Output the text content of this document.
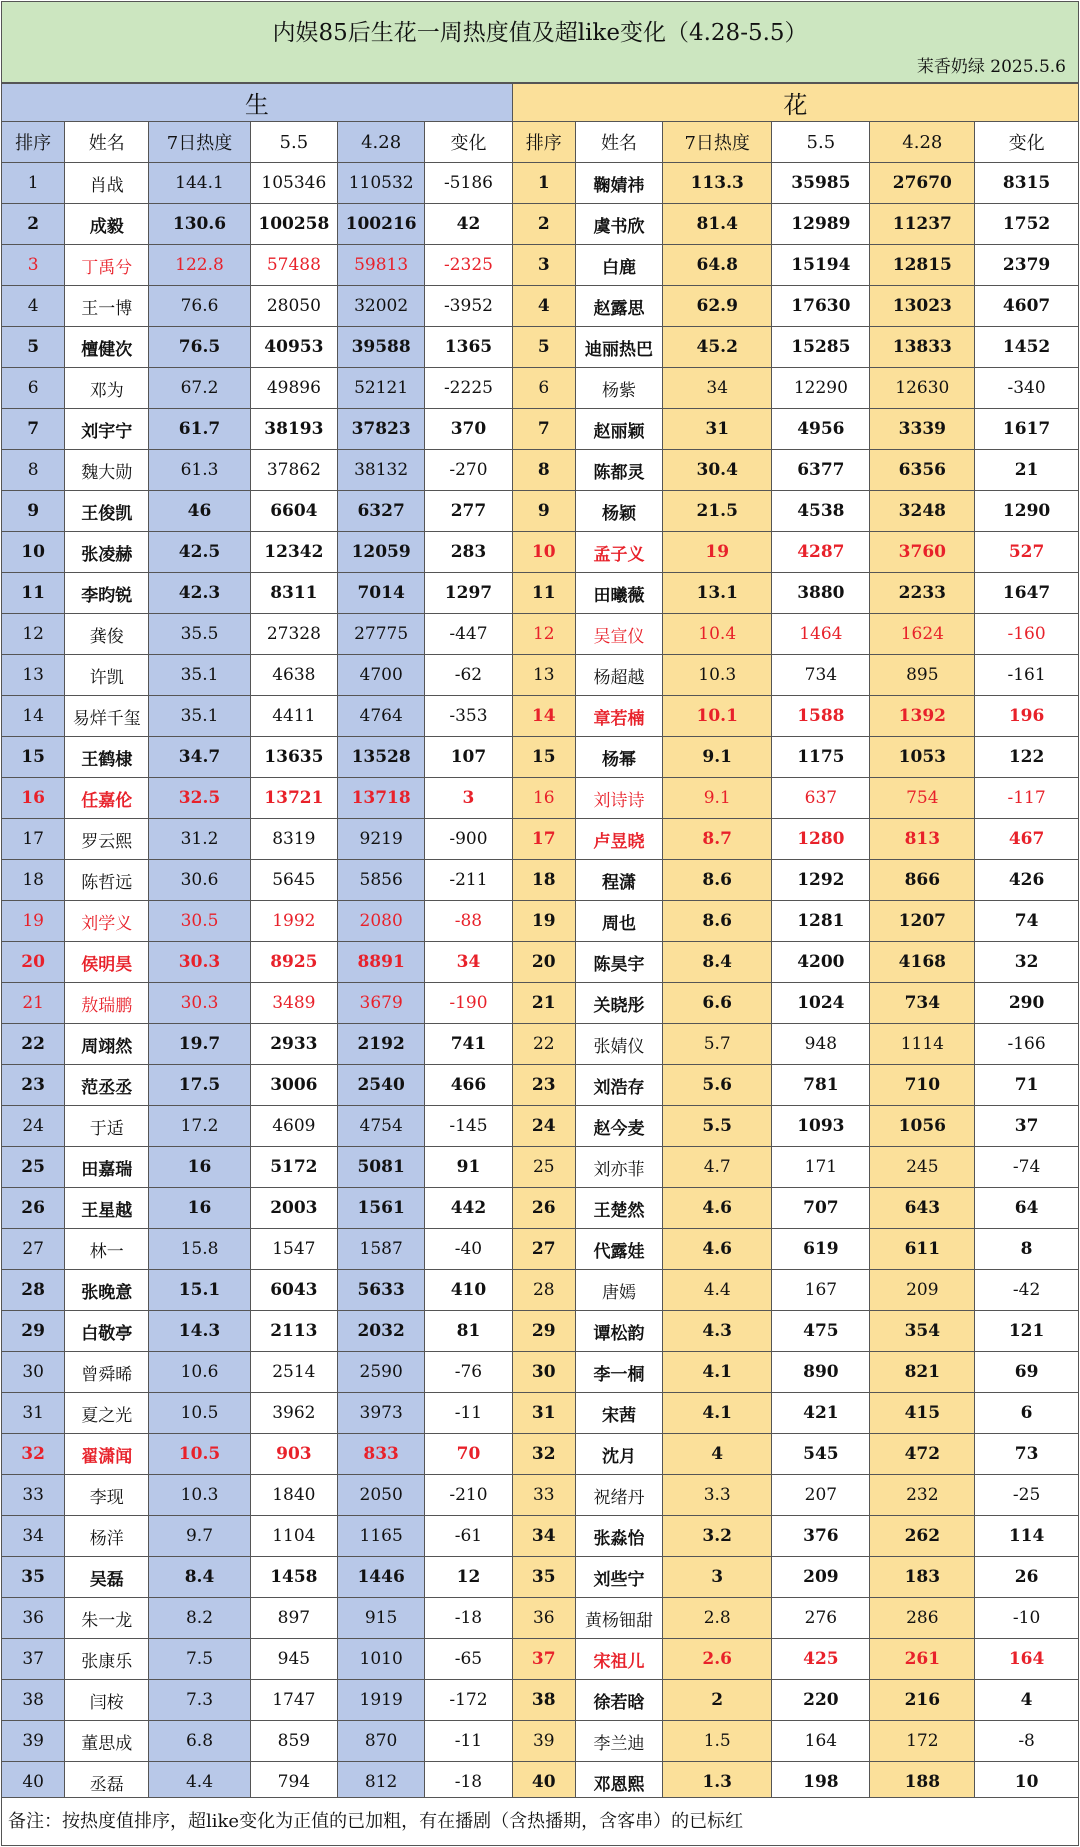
内娱85后生花一周热度值及超like变化（4.28-5.5）
茉香奶绿 2025.5.6
生						花					
排序	姓名	7日热度	5.5	4.28	变化	排序	姓名	7日热度	5.5	4.28	变化
1	肖战	144.1	105346	110532	-5186	1	鞠婧祎	113.3	35985	27670	8315
2	成毅	130.6	100258	100216	42	2	虞书欣	81.4	12989	11237	1752
3	丁禹兮	122.8	57488	59813	-2325	3	白鹿	64.8	15194	12815	2379
4	王一博	76.6	28050	32002	-3952	4	赵露思	62.9	17630	13023	4607
5	檀健次	76.5	40953	39588	1365	5	迪丽热巴	45.2	15285	13833	1452
6	邓为	67.2	49896	52121	-2225	6	杨紫	34	12290	12630	-340
7	刘宇宁	61.7	38193	37823	370	7	赵丽颖	31	4956	3339	1617
8	魏大勋	61.3	37862	38132	-270	8	陈都灵	30.4	6377	6356	21
9	王俊凯	46	6604	6327	277	9	杨颖	21.5	4538	3248	1290
10	张凌赫	42.5	12342	12059	283	10	孟子义	19	4287	3760	527
11	李昀锐	42.3	8311	7014	1297	11	田曦薇	13.1	3880	2233	1647
12	龚俊	35.5	27328	27775	-447	12	吴宣仪	10.4	1464	1624	-160
13	许凯	35.1	4638	4700	-62	13	杨超越	10.3	734	895	-161
14	易烊千玺	35.1	4411	4764	-353	14	章若楠	10.1	1588	1392	196
15	王鹤棣	34.7	13635	13528	107	15	杨幂	9.1	1175	1053	122
16	任嘉伦	32.5	13721	13718	3	16	刘诗诗	9.1	637	754	-117
17	罗云熙	31.2	8319	9219	-900	17	卢昱晓	8.7	1280	813	467
18	陈哲远	30.6	5645	5856	-211	18	程潇	8.6	1292	866	426
19	刘学义	30.5	1992	2080	-88	19	周也	8.6	1281	1207	74
20	侯明昊	30.3	8925	8891	34	20	陈昊宇	8.4	4200	4168	32
21	敖瑞鹏	30.3	3489	3679	-190	21	关晓彤	6.6	1024	734	290
22	周翊然	19.7	2933	2192	741	22	张婧仪	5.7	948	1114	-166
23	范丞丞	17.5	3006	2540	466	23	刘浩存	5.6	781	710	71
24	于适	17.2	4609	4754	-145	24	赵今麦	5.5	1093	1056	37
25	田嘉瑞	16	5172	5081	91	25	刘亦菲	4.7	171	245	-74
26	王星越	16	2003	1561	442	26	王楚然	4.6	707	643	64
27	林一	15.8	1547	1587	-40	27	代露娃	4.6	619	611	8
28	张晚意	15.1	6043	5633	410	28	唐嫣	4.4	167	209	-42
29	白敬亭	14.3	2113	2032	81	29	谭松韵	4.3	475	354	121
30	曾舜晞	10.6	2514	2590	-76	30	李一桐	4.1	890	821	69
31	夏之光	10.5	3962	3973	-11	31	宋茜	4.1	421	415	6
32	翟潇闻	10.5	903	833	70	32	沈月	4	545	472	73
33	李现	10.3	1840	2050	-210	33	祝绪丹	3.3	207	232	-25
34	杨洋	9.7	1104	1165	-61	34	张淼怡	3.2	376	262	114
35	吴磊	8.4	1458	1446	12	35	刘些宁	3	209	183	26
36	朱一龙	8.2	897	915	-18	36	黄杨钿甜	2.8	276	286	-10
37	张康乐	7.5	945	1010	-65	37	宋祖儿	2.6	425	261	164
38	闫桉	7.3	1747	1919	-172	38	徐若晗	2	220	216	4
39	董思成	6.8	859	870	-11	39	李兰迪	1.5	164	172	-8
40	丞磊	4.4	794	812	-18	40	邓恩熙	1.3	198	188	10
备注：按热度值排序，超like变化为正值的已加粗，有在播剧（含热播期，含客串）的已标红
